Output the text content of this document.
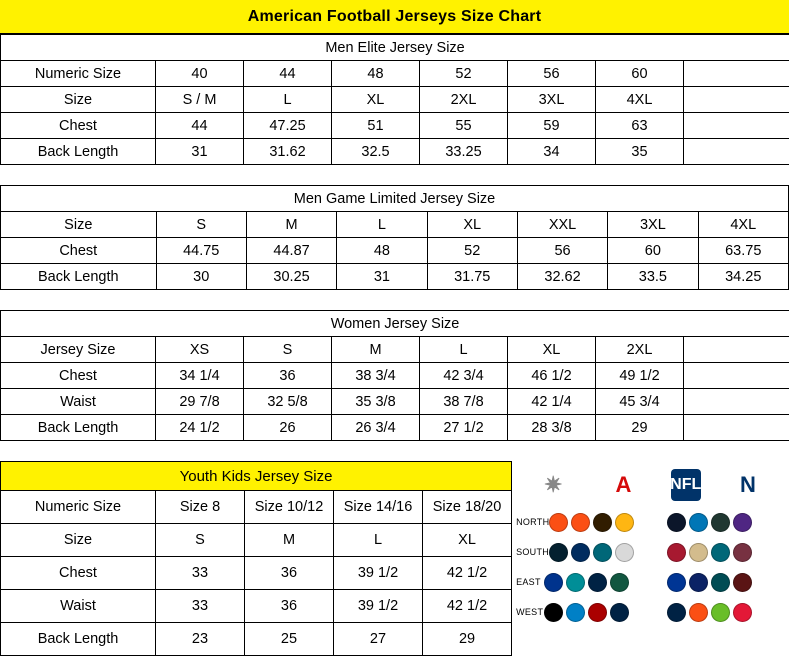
American Football Jerseys Size Chart
Men Elite Jersey Size							
Numeric Size	40	44	48	52	56	60	
Size	S / M	L	XL	2XL	3XL	4XL	
Chest	44	47.25	51	55	59	63	
Back Length	31	31.62	32.5	33.25	34	35	
Men Game Limited Jersey Size							
Size	S	M	L	XL	XXL	3XL	4XL
Chest	44.75	44.87	48	52	56	60	63.75
Back Length	30	30.25	31	31.75	32.62	33.5	34.25
Women Jersey Size							
Jersey Size	XS	S	M	L	XL	2XL	
Chest	34 1/4	36	38 3/4	42 3/4	46 1/2	49 1/2	
Waist	29 7/8	32 5/8	35 3/8	38 7/8	42 1/4	45 3/4	
Back Length	24 1/2	26	26 3/4	27 1/2	28 3/8	29	
Youth Kids Jersey Size				
Numeric Size	Size 8	Size 10/12	Size 14/16	Size 18/20
Size	S	M	L	XL
Chest	33	36	39 1/2	42 1/2
Waist	33	36	39 1/2	42 1/2
Back Length	23	25	27	29
✷	A	NFL	N
NORTH
SOUTH
EAST
WEST
